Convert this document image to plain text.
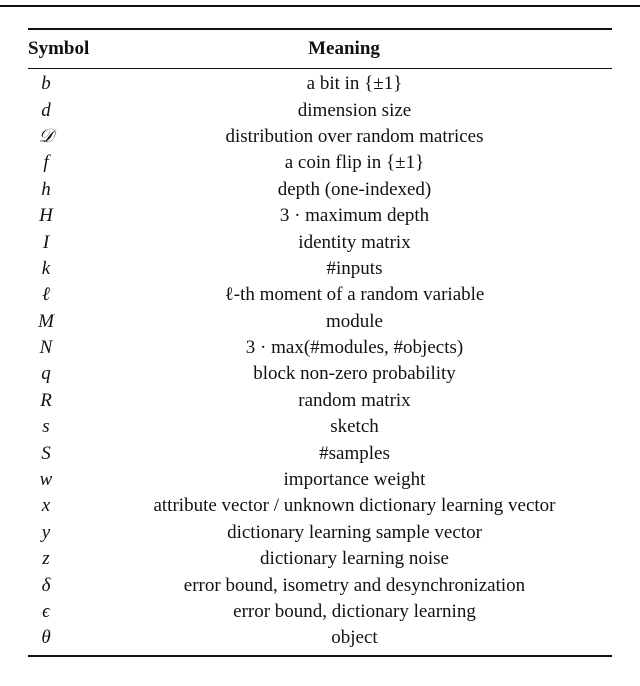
Symbol	Meaning
b	a bit in {±1}
d	dimension size
𝒟	distribution over random matrices
f	a coin flip in {±1}
h	depth (one-indexed)
H	3 · maximum depth
I	identity matrix
k	#inputs
ℓ	ℓ-th moment of a random variable
M	module
N	3 · max(#modules, #objects)
q	block non-zero probability
R	random matrix
s	sketch
S	#samples
w	importance weight
x	attribute vector / unknown dictionary learning vector
y	dictionary learning sample vector
z	dictionary learning noise
δ	error bound, isometry and desynchronization
ϵ	error bound, dictionary learning
θ	object
